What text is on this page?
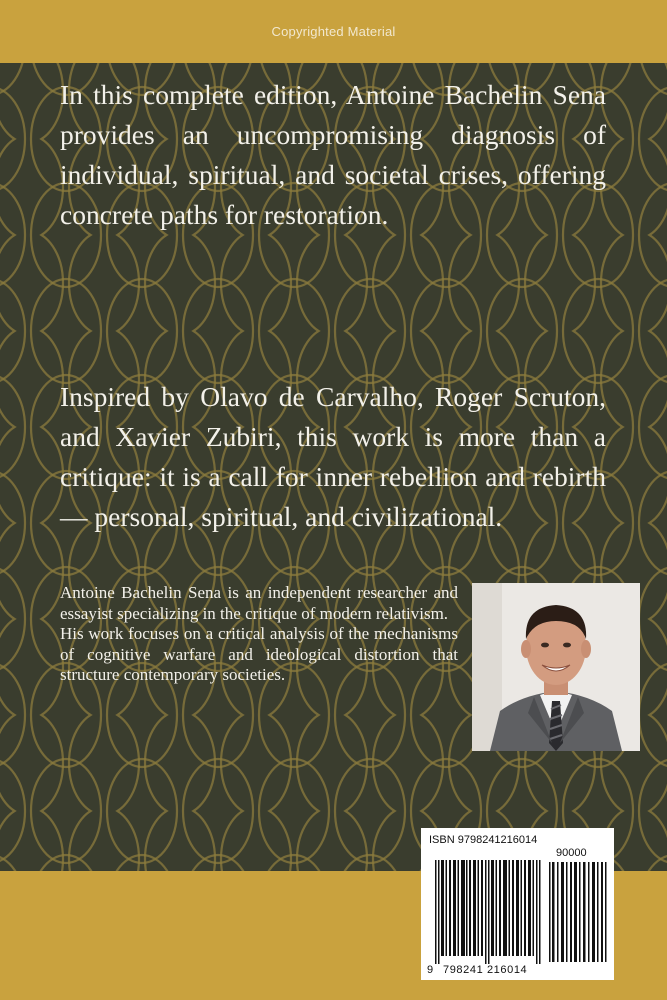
Copyrighted Material

In this complete edition, Antoine Bachelin Sena provides an uncompromising diagnosis of individual, spiritual, and societal crises, offering concrete paths for restoration.

Inspired by Olavo de Carvalho, Roger Scruton, and Xavier Zubiri, this work is more than a critique: it is a call for inner rebellion and rebirth — personal, spiritual, and civilizational.

Antoine Bachelin Sena is an independent researcher and essayist specializing in the critique of modern relativism.
His work focuses on a critical analysis of the mechanisms of cognitive warfare and ideological distortion that structure contemporary societies.
ISBN 9798241216014
90000
9 798241 216014
